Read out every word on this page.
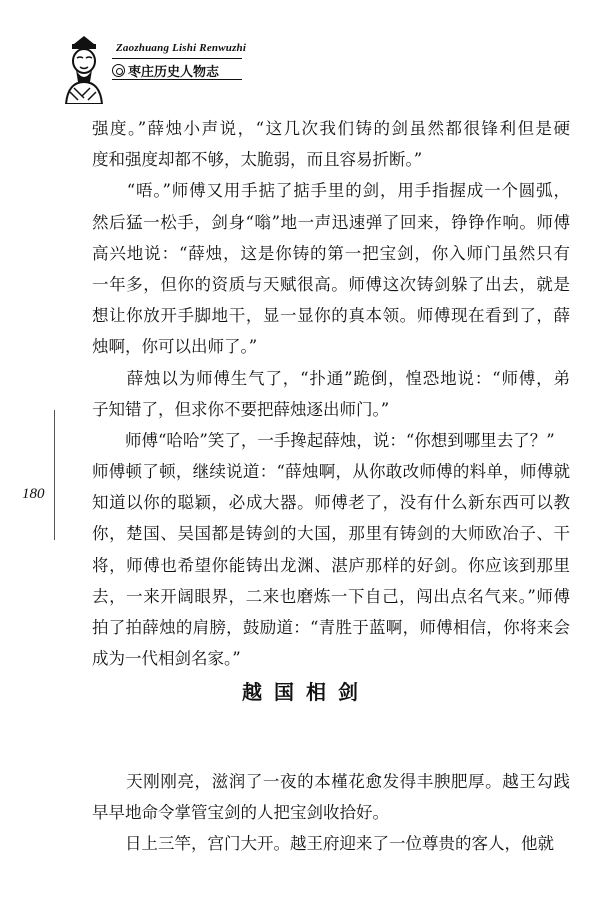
Zaozhuang Lishi Renwuzhi
枣庄历史人物志
180
强度。”薛烛小声说，“这几次我们铸的剑虽然都很锋利但是硬
度和强度却都不够，太脆弱，而且容易折断。”
　　“唔。”师傅又用手掂了掂手里的剑，用手指握成一个圆弧，
然后猛一松手，剑身“嗡”地一声迅速弹了回来，铮铮作响。师傅
高兴地说：“薛烛，这是你铸的第一把宝剑，你入师门虽然只有
一年多，但你的资质与天赋很高。师傅这次铸剑躲了出去，就是
想让你放开手脚地干，显一显你的真本领。师傅现在看到了，薛
烛啊，你可以出师了。”
　　薛烛以为师傅生气了，“扑通”跪倒，惶恐地说：“师傅，弟
子知错了，但求你不要把薛烛逐出师门。”
　　师傅“哈哈”笑了，一手搀起薛烛，说：“你想到哪里去了？”
师傅顿了顿，继续说道：“薛烛啊，从你敢改师傅的料单，师傅就
知道以你的聪颖，必成大器。师傅老了，没有什么新东西可以教
你，楚国、吴国都是铸剑的大国，那里有铸剑的大师欧冶子、干
将，师傅也希望你能铸出龙渊、湛庐那样的好剑。你应该到那里
去，一来开阔眼界，二来也磨炼一下自己，闯出点名气来。”师傅
拍了拍薛烛的肩膀，鼓励道：“青胜于蓝啊，师傅相信，你将来会
成为一代相剑名家。”
越国相剑
　　天刚刚亮，滋润了一夜的本槿花愈发得丰腴肥厚。越王勾践
早早地命令掌管宝剑的人把宝剑收拾好。
　　日上三竿，宫门大开。越王府迎来了一位尊贵的客人，他就
